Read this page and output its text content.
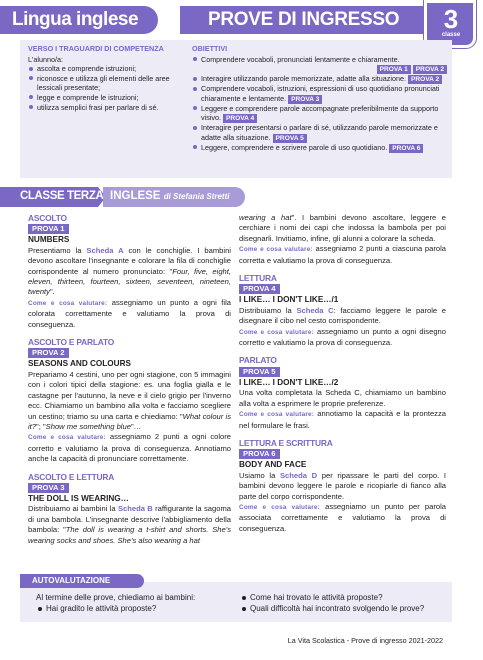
Lingua inglese	PROVE DI INGRESSO 3
classe
VERSO I TRAGUARDI DI COMPETENZA
L'alunno/a:
ascolta e comprende istruzioni;
riconosce e utilizza gli elementi delle aree lessicali presentate;
legge e comprende le istruzioni;
utilizza semplici frasi per parlare di sé.
OBIETTIVI
Comprendere vocaboli, pronunciati lentamente e chiaramente.

PROVA 1 PROVA 2
Interagire utilizzando parole memorizzate, adatte alla situazione. PROVA 2
Comprendere vocaboli, istruzioni, espressioni di uso quotidiano pronunciati chiaramente e lentamente. PROVA 3
Leggere e comprendere parole accompagnate preferibilmente da supporto visivo. PROVA 4
Interagire per presentarsi o parlare di sé, utilizzando parole memorizzate e adatte alla situazione. PROVA 5
Leggere, comprendere e scrivere parole di uso quotidiano. PROVA 6
CLASSE TERZA INGLESE di Stefania Stretti
ASCOLTO
PROVA 1
NUMBERS
Presentiamo la Scheda A con le conchiglie. I bambini devono ascoltare l'insegnante e colorare la fila di conchiglie corrispondente al numero pronunciato: "Four, five, eight, eleven, thirteen, fourteen, sixteen, seventeen, nineteen, twenty".
Come e cosa valutare: assegniamo un punto a ogni fila colorata correttamente e valutiamo la prova di conseguenza.
ASCOLTO E PARLATO
PROVA 2
SEASONS AND COLOURS
Prepariamo 4 cestini, uno per ogni stagione, con 5 immagini con i colori tipici della stagione: es. una foglia gialla e le castagne per l'autunno, la neve e il cielo grigio per l'inverno ecc. Chiamiamo un bambino alla volta e facciamo scegliere un cestino; triamo su una carta e chiediamo: "What colour is it?"; "Show me something blue"…
Come e cosa valutare: assegniamo 2 punti a ogni colore corretto e valutiamo la prova di conseguenza. Annotiamo anche la capacità di pronunciare correttamente.
ASCOLTO E LETTURA
PROVA 3
THE DOLL IS WEARING…
Distribuiamo ai bambini la Scheda B raffigurante la sagoma di una bambola. L'insegnante descrive l'abbigliamento della bambola: "The doll is wearing a t-shirt and shorts. She's wearing socks and shoes. She's also wearing a hat
wearing a hat". I bambini devono ascoltare, leggere e cerchiare i nomi dei capi che indossa la bambola per poi disegnarli. Invitiamo, infine, gli alunni a colorare la scheda.
Come e cosa valutare: assegniamo 2 punti a ciascuna parola corretta e valutiamo la prova di conseguenza.
LETTURA
PROVA 4
I LIKE… I DON'T LIKE…/1
Distribuiamo la Scheda C: facciamo leggere le parole e disegnare il cibo nel cesto corrispondente.
Come e cosa valutare: assegniamo un punto a ogni disegno corretto e valutiamo la prova di conseguenza.
PARLATO
PROVA 5
I LIKE… I DON'T LIKE…/2
Una volta completata la Scheda C, chiamiamo un bambino alla volta a esprimere le proprie preferenze.
Come e cosa valutare: annotiamo la capacità e la prontezza nel formulare le frasi.
LETTURA E SCRITTURA
PROVA 6
BODY AND FACE
Usiamo la Scheda D per ripassare le parti del corpo. I bambini devono leggere le parole e ricopiarle di fianco alla parte del corpo corrispondente.
Come e cosa valutare: assegniamo un punto per parola associata correttamente e valutiamo la prova di conseguenza.
AUTOVALUTAZIONE
Al termine delle prove, chiediamo ai bambini:
Hai gradito le attività proposte?
Come hai trovato le attività proposte?
Quali difficoltà hai incontrato svolgendo le prove?
La Vita Scolastica - Prove di ingresso 2021-2022
